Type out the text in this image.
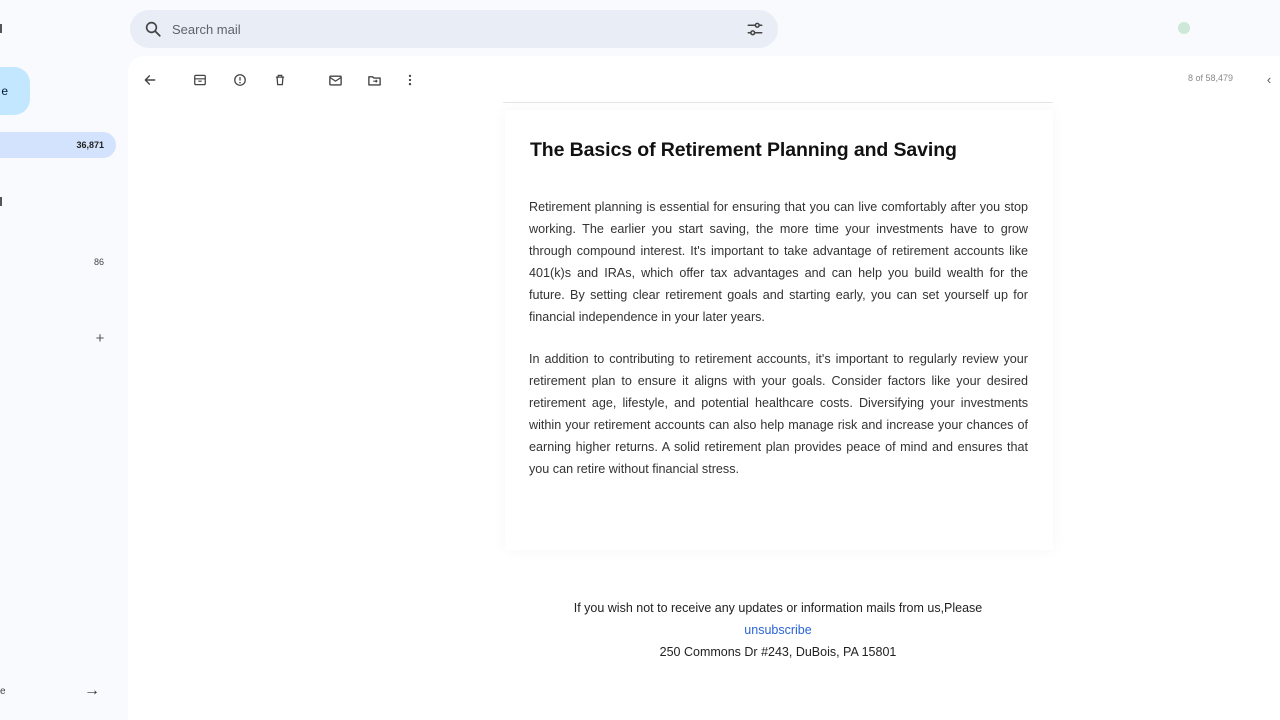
e
36,871
86
+
e	→
Search mail
8 of 58,479	‹
The Basics of Retirement Planning and Saving

Retirement planning is essential for ensuring that you can live comfortably after you stop working. The earlier you start saving, the more time your investments have to grow through compound interest. It's important to take advantage of retirement accounts like 401(k)s and IRAs, which offer tax advantages and can help you build wealth for the future. By setting clear retirement goals and starting early, you can set yourself up for financial independence in your later years.

In addition to contributing to retirement accounts, it's important to regularly review your retirement plan to ensure it aligns with your goals. Consider factors like your desired retirement age, lifestyle, and potential healthcare costs. Diversifying your investments within your retirement accounts can also help manage risk and increase your chances of earning higher returns. A solid retirement plan provides peace of mind and ensures that you can retire without financial stress.

If you wish not to receive any updates or information mails from us,Please
unsubscribe
250 Commons Dr #243, DuBois, PA 15801
